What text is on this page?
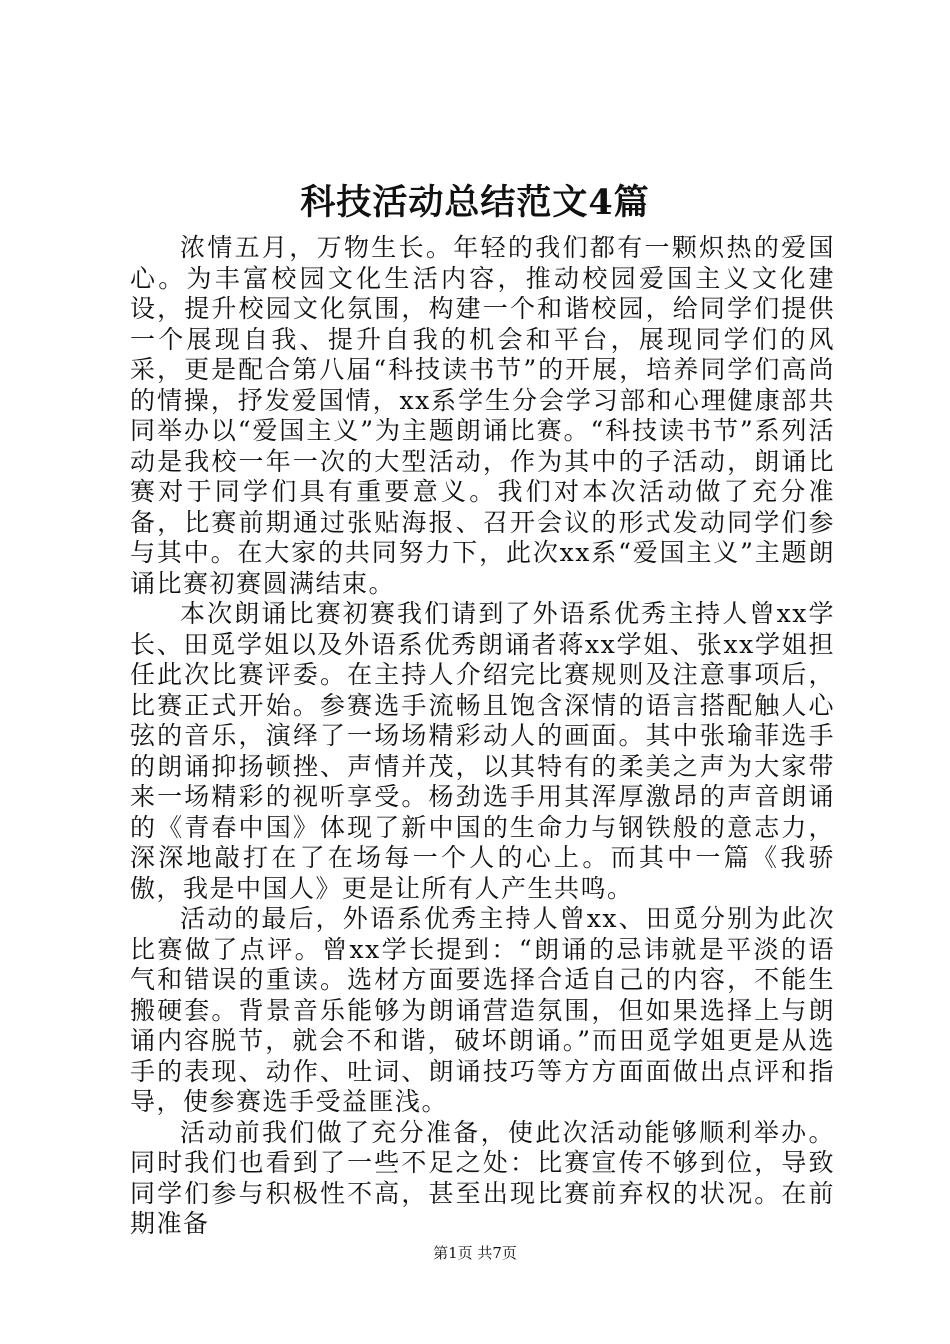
科技活动总结范文4篇

浓情五月，万物生长。年轻的我们都有一颗炽热的爱国心。为丰富校园文化生活内容，推动校园爱国主义文化建设，提升校园文化氛围，构建一个和谐校园，给同学们提供一个展现自我、提升自我的机会和平台，展现同学们的风采，更是配合第八届“科技读书节”的开展，培养同学们高尚的情操，抒发爱国情，xx系学生分会学习部和心理健康部共同举办以“爱国主义”为主题朗诵比赛。“科技读书节”系列活动是我校一年一次的大型活动，作为其中的子活动，朗诵比赛对于同学们具有重要意义。我们对本次活动做了充分准备，比赛前期通过张贴海报、召开会议的形式发动同学们参与其中。在大家的共同努力下，此次xx系“爱国主义”主题朗诵比赛初赛圆满结束。

本次朗诵比赛初赛我们请到了外语系优秀主持人曾xx学长、田觅学姐以及外语系优秀朗诵者蒋xx学姐、张xx学姐担任此次比赛评委。在主持人介绍完比赛规则及注意事项后，比赛正式开始。参赛选手流畅且饱含深情的语言搭配触人心弦的音乐，演绎了一场场精彩动人的画面。其中张瑜菲选手的朗诵抑扬顿挫、声情并茂，以其特有的柔美之声为大家带来一场精彩的视听享受。杨劲选手用其浑厚激昂的声音朗诵的《青春中国》体现了新中国的生命力与钢铁般的意志力，深深地敲打在了在场每一个人的心上。而其中一篇《我骄傲，我是中国人》更是让所有人产生共鸣。

活动的最后，外语系优秀主持人曾xx、田觅分别为此次比赛做了点评。曾xx学长提到：“朗诵的忌讳就是平淡的语气和错误的重读。选材方面要选择合适自己的内容，不能生搬硬套。背景音乐能够为朗诵营造氛围，但如果选择上与朗诵内容脱节，就会不和谐，破坏朗诵。”而田觅学姐更是从选手的表现、动作、吐词、朗诵技巧等方方面面做出点评和指导，使参赛选手受益匪浅。

活动前我们做了充分准备，使此次活动能够顺利举办。同时我们也看到了一些不足之处：比赛宣传不够到位，导致同学们参与积极性不高，甚至出现比赛前弃权的状况。在前期准备

第1页 共7页
